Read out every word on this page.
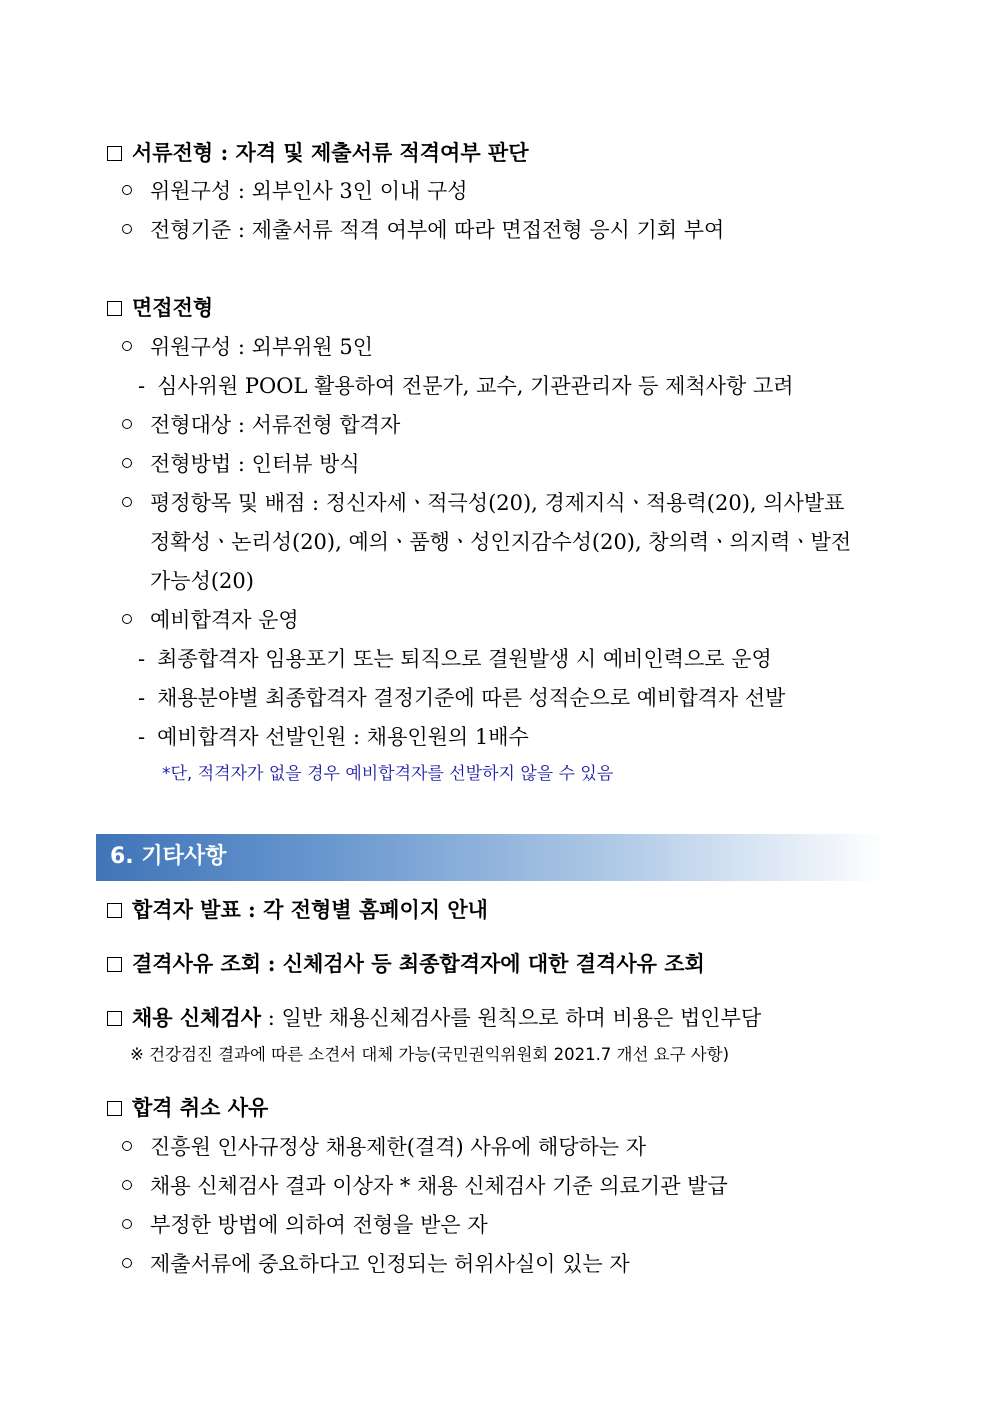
서류전형 : 자격 및 제출서류 적격여부 판단
위원구성 : 외부인사 3인 이내 구성
전형기준 : 제출서류 적격 여부에 따라 면접전형 응시 기회 부여
면접전형
위원구성 : 외부위원 5인
- 심사위원 POOL 활용하여 전문가, 교수, 기관관리자 등 제척사항 고려
전형대상 : 서류전형 합격자
전형방법 : 인터뷰 방식
평정항목 및 배점 : 정신자세ㆍ적극성(20), 경제지식ㆍ적용력(20), 의사발표
정확성ㆍ논리성(20), 예의ㆍ품행ㆍ성인지감수성(20), 창의력ㆍ의지력ㆍ발전
가능성(20)
예비합격자 운영
- 최종합격자 임용포기 또는 퇴직으로 결원발생 시 예비인력으로 운영
- 채용분야별 최종합격자 결정기준에 따른 성적순으로 예비합격자 선발
- 예비합격자 선발인원 : 채용인원의 1배수
*단, 적격자가 없을 경우 예비합격자를 선발하지 않을 수 있음
6. 기타사항
합격자 발표 : 각 전형별 홈페이지 안내
결격사유 조회 : 신체검사 등 최종합격자에 대한 결격사유 조회
채용 신체검사 : 일반 채용신체검사를 원칙으로 하며 비용은 법인부담
※ 건강검진 결과에 따른 소견서 대체 가능(국민권익위원회 2021.7 개선 요구 사항)
합격 취소 사유
진흥원 인사규정상 채용제한(결격) 사유에 해당하는 자
채용 신체검사 결과 이상자 * 채용 신체검사 기준 의료기관 발급
부정한 방법에 의하여 전형을 받은 자
제출서류에 중요하다고 인정되는 허위사실이 있는 자
